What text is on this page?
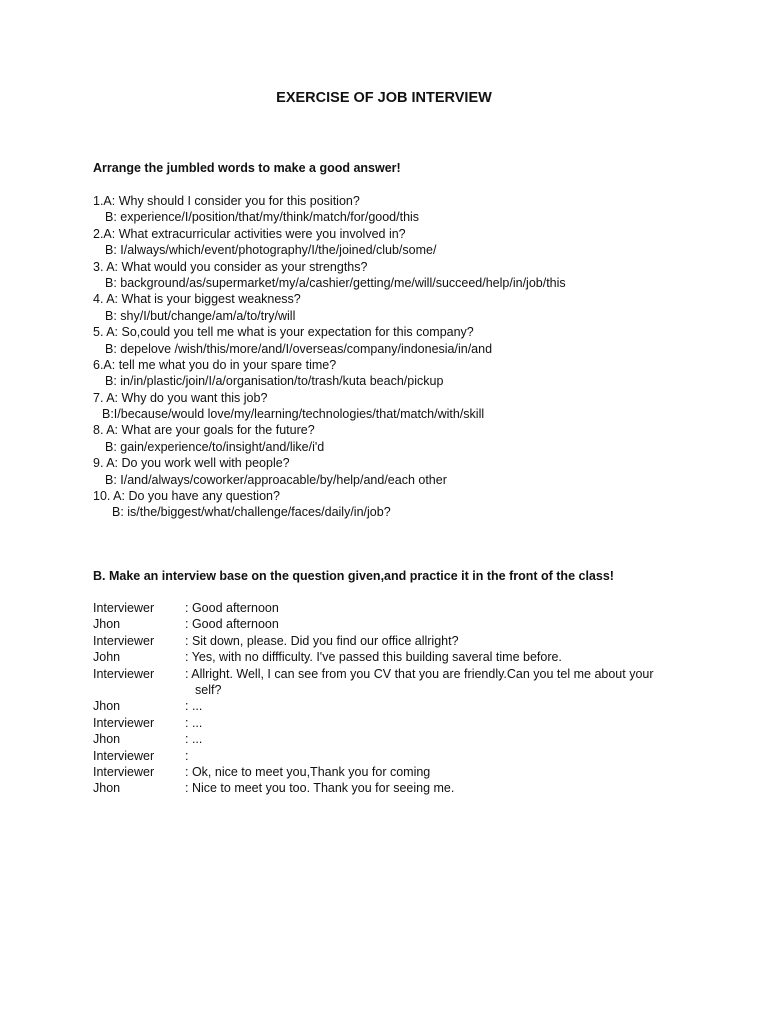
EXERCISE OF JOB INTERVIEW
Arrange the jumbled words to make a good answer!
1.A: Why should I consider you for this position?
B: experience/I/position/that/my/think/match/for/good/this
2.A: What extracurricular activities were you involved in?
B: I/always/which/event/photography/I/the/joined/club/some/
3. A: What would you consider as your strengths?
B: background/as/supermarket/my/a/cashier/getting/me/will/succeed/help/in/job/this
4. A: What is your biggest weakness?
B: shy/I/but/change/am/a/to/try/will
5. A: So,could you tell me what is your expectation for this company?
B: depelove /wish/this/more/and/I/overseas/company/indonesia/in/and
6.A: tell me what you do in your spare time?
B: in/in/plastic/join/I/a/organisation/to/trash/kuta beach/pickup
7. A: Why do you want this job?
B:I/because/would love/my/learning/technologies/that/match/with/skill
8. A: What are your goals for the future?
B: gain/experience/to/insight/and/like/i'd
9. A: Do you work well with people?
B: I/and/always/coworker/approacable/by/help/and/each other
10. A: Do you have any question?
B: is/the/biggest/what/challenge/faces/daily/in/job?
B. Make an interview base on the question given,and practice it in the front of the class!
Interviewer	: Good afternoon
Jhon	: Good afternoon
Interviewer	: Sit down, please. Did you find our office allright?
John	: Yes, with no diffficulty. I've passed this building saveral time before.
Interviewer	: Allright. Well, I can see from you CV that you are friendly.Can you tel me about your self?
Jhon	: ...
Interviewer	: ...
Jhon	: ...
Interviewer	:
Interviewer	: Ok, nice to meet you,Thank you for coming
Jhon	: Nice to meet you too. Thank you for seeing me.
